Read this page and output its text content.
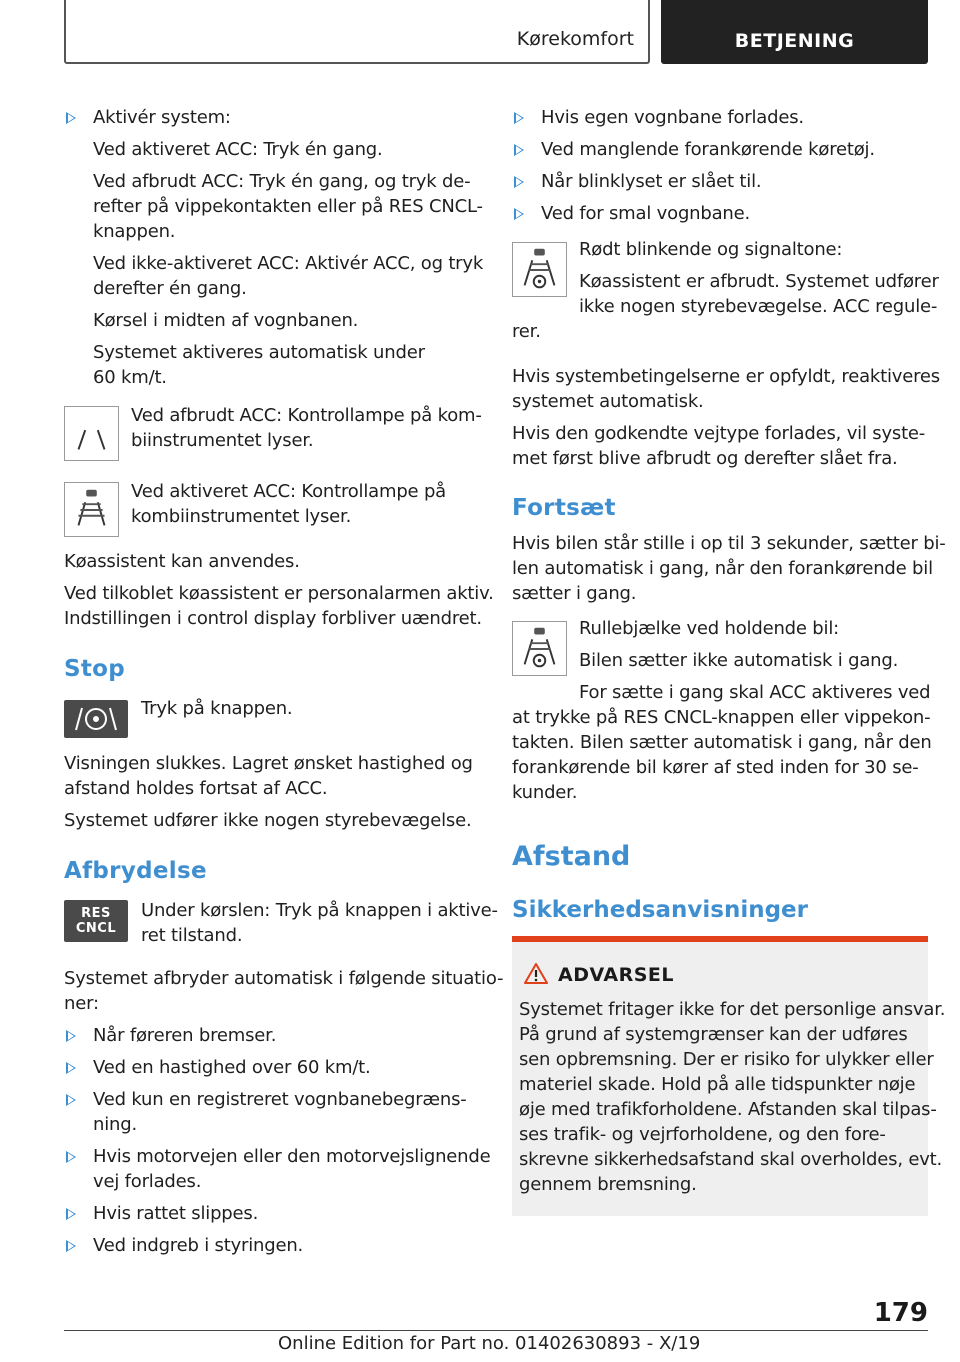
Kørekomfort	BETJENING
Aktivér system:
Ved aktiveret ACC: Tryk én gang.
Ved afbrudt ACC: Tryk én gang, og tryk de-
refter på vippekontakten eller på RES CNCL-
knappen.
Ved ikke-aktiveret ACC: Aktivér ACC, og tryk
derefter én gang.
Kørsel i midten af vognbanen.
Systemet aktiveres automatisk under
60 km/t.
Ved afbrudt ACC: Kontrollampe på kom-
biinstrumentet lyser.
Ved aktiveret ACC: Kontrollampe på
kombiinstrumentet lyser.
Køassistent kan anvendes.
Ved tilkoblet køassistent er personalarmen aktiv.
Indstillingen i control display forbliver uændret.
Stop
Tryk på knappen.
Visningen slukkes. Lagret ønsket hastighed og
afstand holdes fortsat af ACC.
Systemet udfører ikke nogen styrebevægelse.
Afbrydelse
RES
CNCL
Under kørslen: Tryk på knappen i aktive-
ret tilstand.
Systemet afbryder automatisk i følgende situatio-
ner:
Når føreren bremser.
Ved en hastighed over 60 km/t.
Ved kun en registreret vognbanebegræns-
ning.
Hvis motorvejen eller den motorvejslignende
vej forlades.
Hvis rattet slippes.
Ved indgreb i styringen.
Hvis egen vognbane forlades.
Ved manglende forankørende køretøj.
Når blinklyset er slået til.
Ved for smal vognbane.
Rødt blinkende og signaltone:
Køassistent er afbrudt. Systemet udfører
ikke nogen styrebevægelse. ACC regule-
rer.
Hvis systembetingelserne er opfyldt, reaktiveres
systemet automatisk.
Hvis den godkendte vejtype forlades, vil syste-
met først blive afbrudt og derefter slået fra.
Fortsæt
Hvis bilen står stille i op til 3 sekunder, sætter bi-
len automatisk i gang, når den forankørende bil
sætter i gang.
Rullebjælke ved holdende bil:
Bilen sætter ikke automatisk i gang.
For sætte i gang skal ACC aktiveres ved
at trykke på RES CNCL-knappen eller vippekon-
takten. Bilen sætter automatisk i gang, når den
forankørende bil kører af sted inden for 30 se-
kunder.
Afstand
Sikkerhedsanvisninger
ADVARSEL
Systemet fritager ikke for det personlige ansvar.
På grund af systemgrænser kan der udføres
sen opbremsning. Der er risiko for ulykker eller
materiel skade. Hold på alle tidspunkter nøje
øje med trafikforholdene. Afstanden skal tilpas-
ses trafik- og vejrforholdene, og den fore-
skrevne sikkerhedsafstand skal overholdes, evt.
gennem bremsning.
179
Online Edition for Part no. 01402630893 - X/19
